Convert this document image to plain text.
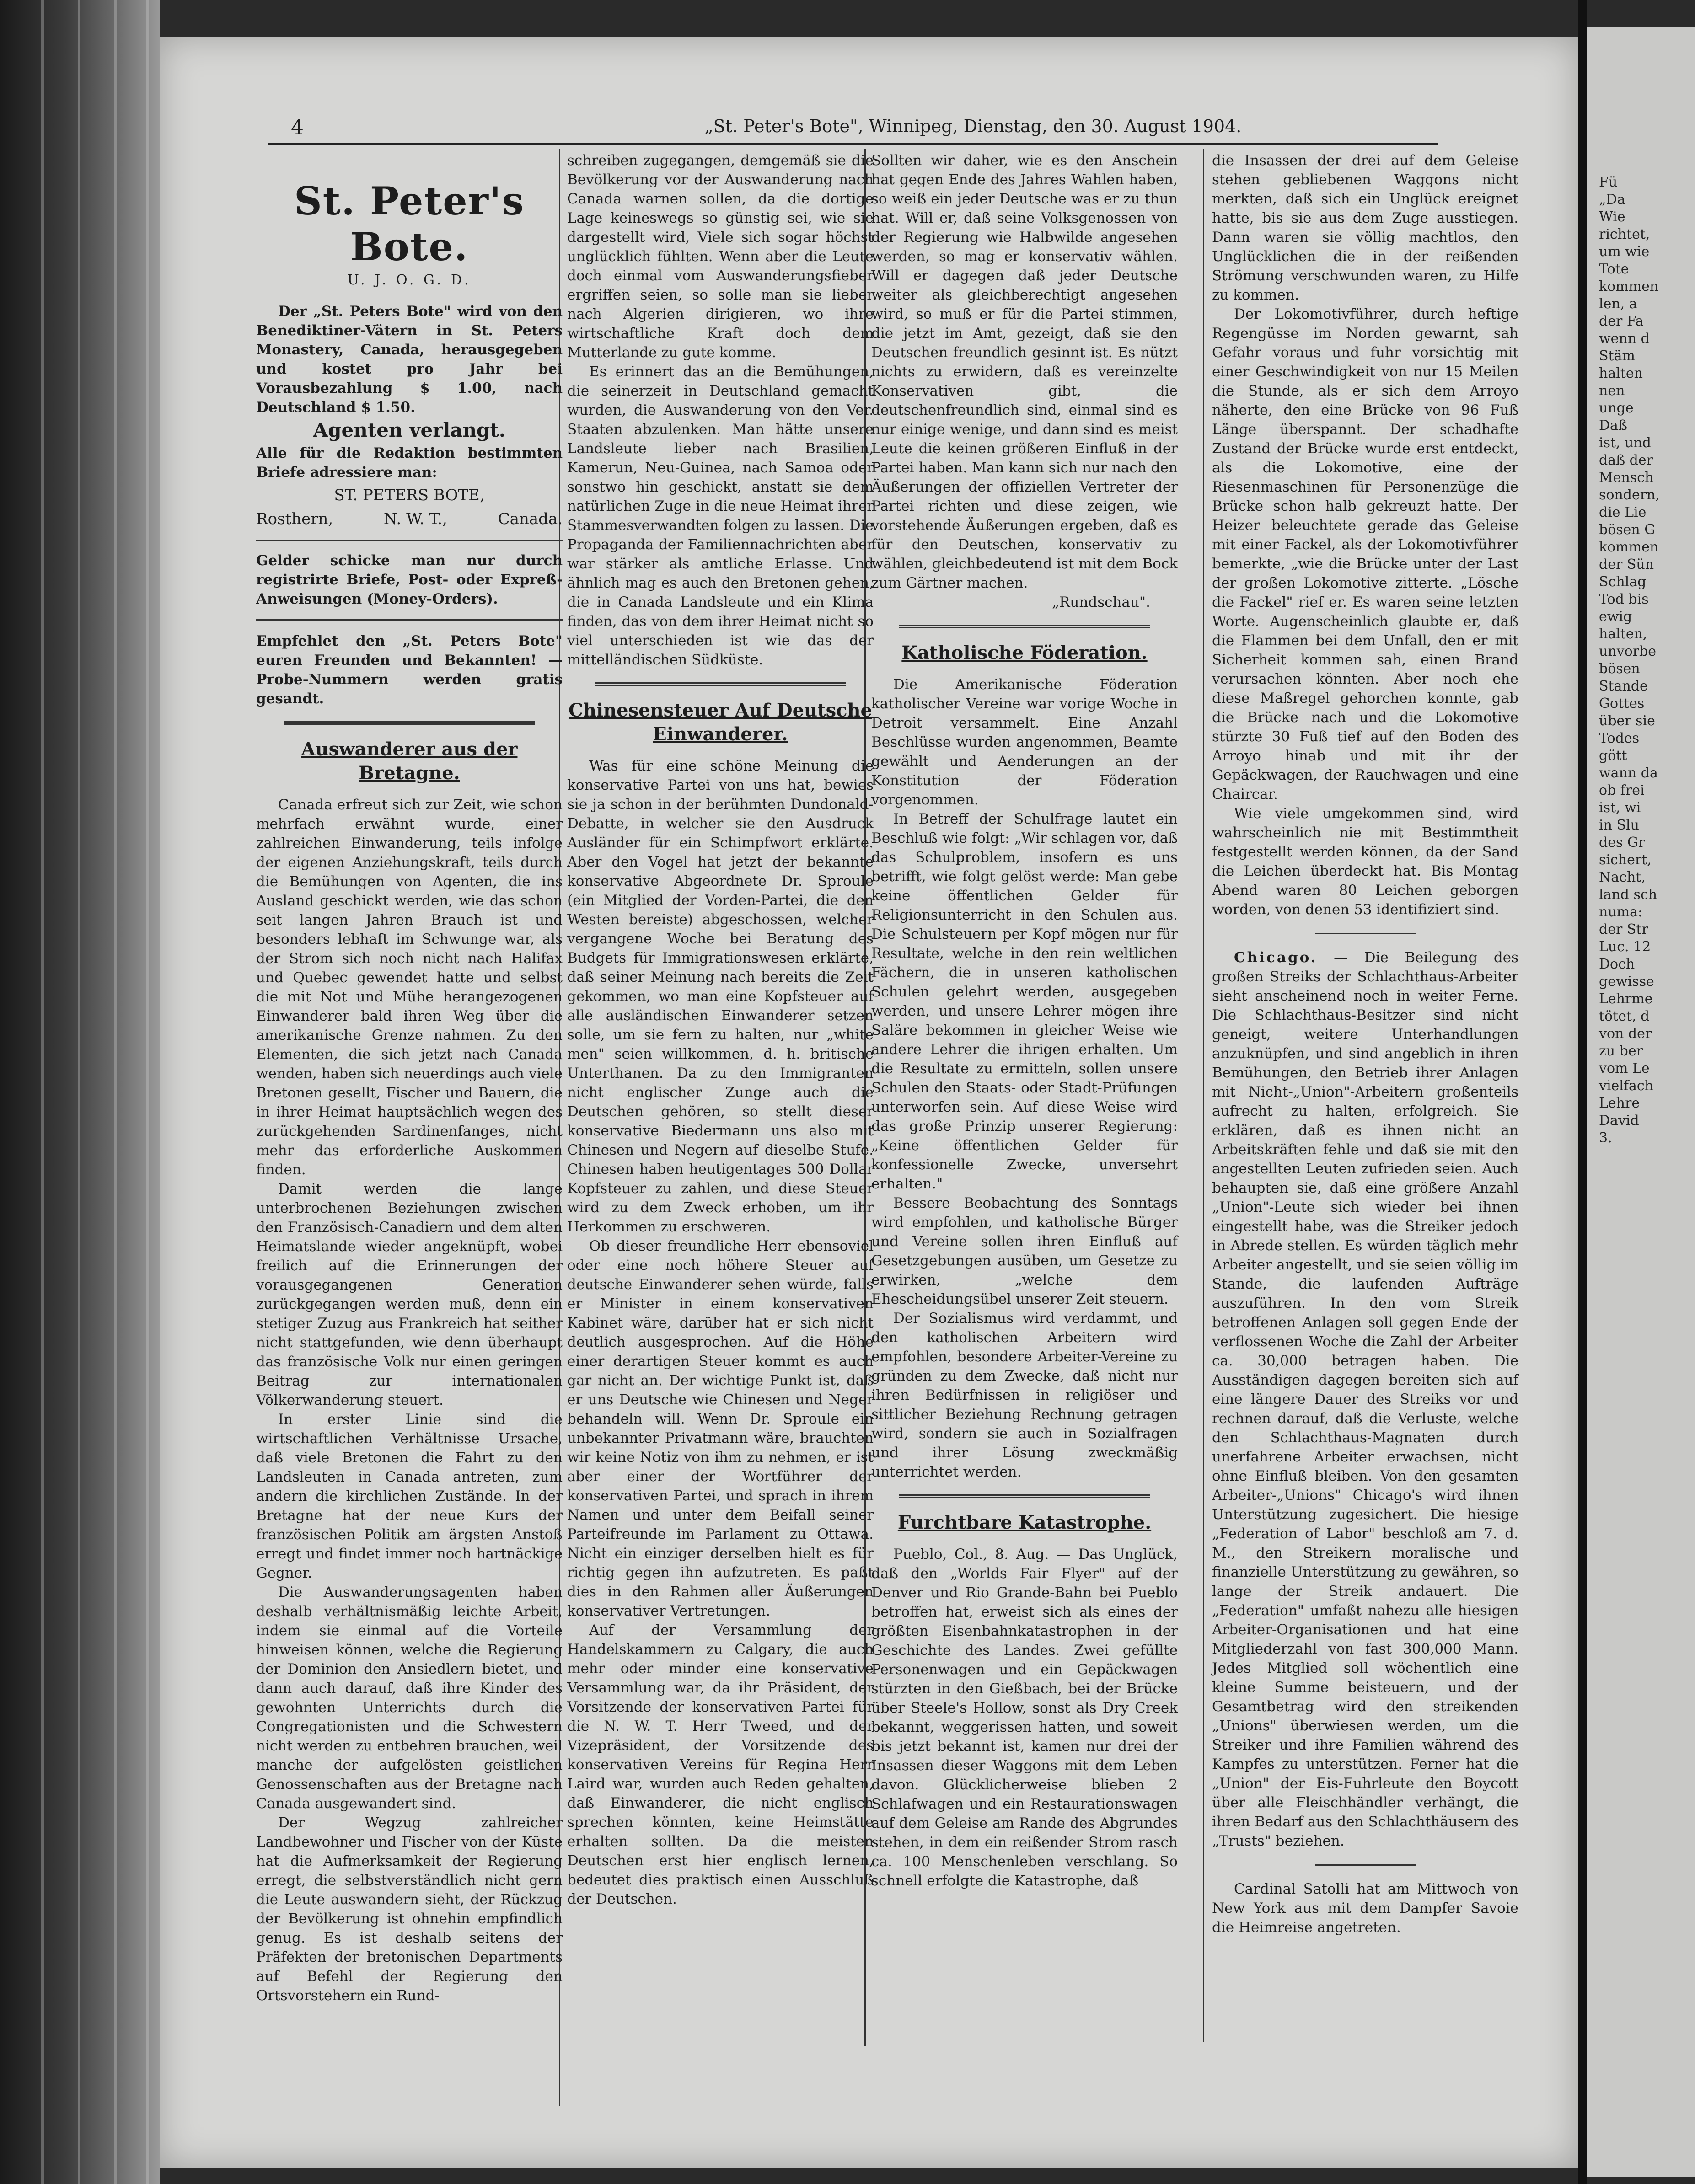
Fü
„Da
Wie
richtet,
um wie
Tote
kommen
len, a
der Fa
wenn d
Stäm
halten
nen
unge
Daß
ist, und
daß der
Mensch
sondern,
die Lie
bösen G
kommen
der Sün
Schlag
Tod bis
ewig
halten,
unvorbe
bösen
Stande
Gottes
über sie
Todes
gött
wann da
ob frei
ist, wi
in Slu
des Gr
sichert,
Nacht,
land sch
numa:
der Str
Luc. 12
Doch
gewisse
Lehrme
tötet, d
von der
zu ber
vom Le
vielfach
Lehre
David
3.
4	„St. Peter's Bote", Winnipeg, Dienstag, den 30. August 1904.
St. Peter's Bote.
U. J. O. G. D.

Der „St. Peters Bote" wird von den Benediktiner-Vätern in St. Peters Monastery, Canada, herausgegeben und kostet pro Jahr bei Vorausbezahlung $ 1.00, nach Deutschland $ 1.50.

Agenten verlangt.

Alle für die Redaktion bestimmten Briefe adressiere man:

ST. PETERS BOTE,
Rosthern,	N. W. T.,	Canada.

Gelder schicke man nur durch registrirte Briefe, Post- oder Expreß-Anweisungen (Money-Orders).

Empfehlet den „St. Peters Bote" euren Freunden und Bekannten! — Probe-Nummern werden gratis gesandt.

Auswanderer aus der Bretagne.

Canada erfreut sich zur Zeit, wie schon mehrfach erwähnt wurde, einer zahlreichen Einwanderung, teils infolge der eigenen Anziehungskraft, teils durch die Bemühungen von Agenten, die ins Ausland geschickt werden, wie das schon seit langen Jahren Brauch ist und besonders lebhaft im Schwunge war, als der Strom sich noch nicht nach Halifax und Quebec gewendet hatte und selbst die mit Not und Mühe herangezogenen Einwanderer bald ihren Weg über die amerikanische Grenze nahmen. Zu den Elementen, die sich jetzt nach Canada wenden, haben sich neuerdings auch viele Bretonen gesellt, Fischer und Bauern, die in ihrer Heimat hauptsächlich wegen des zurückgehenden Sardinenfanges, nicht mehr das erforderliche Auskommen finden.

Damit werden die lange unterbrochenen Beziehungen zwischen den Französisch-Canadiern und dem alten Heimatslande wieder angeknüpft, wobei freilich auf die Erinnerungen der vorausgegangenen Generation zurückgegangen werden muß, denn ein stetiger Zuzug aus Frankreich hat seither nicht stattgefunden, wie denn überhaupt das französische Volk nur einen geringen Beitrag zur internationalen Völkerwanderung steuert.

In erster Linie sind die wirtschaftlichen Verhältnisse Ursache, daß viele Bretonen die Fahrt zu den Landsleuten in Canada antreten, zum andern die kirchlichen Zustände. In der Bretagne hat der neue Kurs der französischen Politik am ärgsten Anstoß erregt und findet immer noch hartnäckige Gegner.

Die Auswanderungsagenten haben deshalb verhältnismäßig leichte Arbeit, indem sie einmal auf die Vorteile hinweisen können, welche die Regierung der Dominion den Ansiedlern bietet, und dann auch darauf, daß ihre Kinder des gewohnten Unterrichts durch die Congregationisten und die Schwestern nicht werden zu entbehren brauchen, weil manche der aufgelösten geistlichen Genossenschaften aus der Bretagne nach Canada ausgewandert sind.

Der Wegzug zahlreicher Landbewohner und Fischer von der Küste hat die Aufmerksamkeit der Regierung erregt, die selbstverständlich nicht gern die Leute auswandern sieht, der Rückzug der Bevölkerung ist ohnehin empfindlich genug. Es ist deshalb seitens der Präfekten der bretonischen Departments auf Befehl der Regierung den Ortsvorstehern ein Rund-

schreiben zugegangen, demgemäß sie die Bevölkerung vor der Auswanderung nach Canada warnen sollen, da die dortige Lage keineswegs so günstig sei, wie sie dargestellt wird, Viele sich sogar höchst unglücklich fühlten. Wenn aber die Leute doch einmal vom Auswanderungsfieber ergriffen seien, so solle man sie lieber nach Algerien dirigieren, wo ihre wirtschaftliche Kraft doch dem Mutterlande zu gute komme.

Es erinnert das an die Bemühungen, die seinerzeit in Deutschland gemacht wurden, die Auswanderung von den Ver. Staaten abzulenken. Man hätte unsere Landsleute lieber nach Brasilien, Kamerun, Neu-Guinea, nach Samoa oder sonstwo hin geschickt, anstatt sie dem natürlichen Zuge in die neue Heimat ihrer Stammesverwandten folgen zu lassen. Die Propaganda der Familiennachrichten aber war stärker als amtliche Erlasse. Und ähnlich mag es auch den Bretonen gehen, die in Canada Landsleute und ein Klima finden, das von dem ihrer Heimat nicht so viel unterschieden ist wie das der mittelländischen Südküste.

Chinesensteuer Auf Deutsche Einwanderer.

Was für eine schöne Meinung die konservative Partei von uns hat, bewies sie ja schon in der berühmten Dundonald-Debatte, in welcher sie den Ausdruck Ausländer für ein Schimpfwort erklärte. Aber den Vogel hat jetzt der bekannte konservative Abgeordnete Dr. Sproule (ein Mitglied der Vorden-Partei, die den Westen bereiste) abgeschossen, welcher vergangene Woche bei Beratung des Budgets für Immigrationswesen erklärte, daß seiner Meinung nach bereits die Zeit gekommen, wo man eine Kopfsteuer auf alle ausländischen Einwanderer setzen solle, um sie fern zu halten, nur „white men" seien willkommen, d. h. britische Unterthanen. Da zu den Immigranten nicht englischer Zunge auch die Deutschen gehören, so stellt dieser konservative Biedermann uns also mit Chinesen und Negern auf dieselbe Stufe. Chinesen haben heutigentages 500 Dollar Kopfsteuer zu zahlen, und diese Steuer wird zu dem Zweck erhoben, um ihr Herkommen zu erschweren.

Ob dieser freundliche Herr ebensoviel oder eine noch höhere Steuer auf deutsche Einwanderer sehen würde, falls er Minister in einem konservativen Kabinet wäre, darüber hat er sich nicht deutlich ausgesprochen. Auf die Höhe einer derartigen Steuer kommt es auch gar nicht an. Der wichtige Punkt ist, daß er uns Deutsche wie Chinesen und Neger behandeln will. Wenn Dr. Sproule ein unbekannter Privatmann wäre, brauchten wir keine Notiz von ihm zu nehmen, er ist aber einer der Wortführer der konservativen Partei, und sprach in ihrem Namen und unter dem Beifall seiner Parteifreunde im Parlament zu Ottawa. Nicht ein einziger derselben hielt es für richtig gegen ihn aufzutreten. Es paßt dies in den Rahmen aller Äußerungen konservativer Vertretungen.

Auf der Versammlung der Handelskammern zu Calgary, die auch mehr oder minder eine konservative Versammlung war, da ihr Präsident, der Vorsitzende der konservativen Partei für die N. W. T. Herr Tweed, und der Vizepräsident, der Vorsitzende des konservativen Vereins für Regina Herr Laird war, wurden auch Reden gehalten, daß Einwanderer, die nicht englisch sprechen könnten, keine Heimstätte erhalten sollten. Da die meisten Deutschen erst hier englisch lernen, bedeutet dies praktisch einen Ausschluß der Deutschen.

Sollten wir daher, wie es den Anschein hat gegen Ende des Jahres Wahlen haben, so weiß ein jeder Deutsche was er zu thun hat. Will er, daß seine Volksgenossen von der Regierung wie Halbwilde angesehen werden, so mag er konservativ wählen. Will er dagegen daß jeder Deutsche weiter als gleichberechtigt angesehen wird, so muß er für die Partei stimmen, die jetzt im Amt, gezeigt, daß sie den Deutschen freundlich gesinnt ist. Es nützt nichts zu erwidern, daß es vereinzelte Konservativen gibt, die deutschenfreundlich sind, einmal sind es nur einige wenige, und dann sind es meist Leute die keinen größeren Einfluß in der Partei haben. Man kann sich nur nach den Äußerungen der offiziellen Vertreter der Partei richten und diese zeigen, wie vorstehende Äußerungen ergeben, daß es für den Deutschen, konservativ zu wählen, gleichbedeutend ist mit dem Bock zum Gärtner machen.

„Rundschau".
Katholische Föderation.

Die Amerikanische Föderation katholischer Vereine war vorige Woche in Detroit versammelt. Eine Anzahl Beschlüsse wurden angenommen, Beamte gewählt und Aenderungen an der Konstitution der Föderation vorgenommen.

In Betreff der Schulfrage lautet ein Beschluß wie folgt: „Wir schlagen vor, daß das Schulproblem, insofern es uns betrifft, wie folgt gelöst werde: Man gebe keine öffentlichen Gelder für Religionsunterricht in den Schulen aus. Die Schulsteuern per Kopf mögen nur für Resultate, welche in den rein weltlichen Fächern, die in unseren katholischen Schulen gelehrt werden, ausgegeben werden, und unsere Lehrer mögen ihre Saläre bekommen in gleicher Weise wie andere Lehrer die ihrigen erhalten. Um die Resultate zu ermitteln, sollen unsere Schulen den Staats- oder Stadt-Prüfungen unterworfen sein. Auf diese Weise wird das große Prinzip unserer Regierung: „Keine öffentlichen Gelder für konfessionelle Zwecke, unversehrt erhalten."

Bessere Beobachtung des Sonntags wird empfohlen, und katholische Bürger und Vereine sollen ihren Einfluß auf Gesetzgebungen ausüben, um Gesetze zu erwirken, „welche dem Ehescheidungsübel unserer Zeit steuern.

Der Sozialismus wird verdammt, und den katholischen Arbeitern wird empfohlen, besondere Arbeiter-Vereine zu gründen zu dem Zwecke, daß nicht nur ihren Bedürfnissen in religiöser und sittlicher Beziehung Rechnung getragen wird, sondern sie auch in Sozialfragen und ihrer Lösung zweckmäßig unterrichtet werden.

Furchtbare Katastrophe.

Pueblo, Col., 8. Aug. — Das Unglück, daß den „Worlds Fair Flyer" auf der Denver und Rio Grande-Bahn bei Pueblo betroffen hat, erweist sich als eines der größten Eisenbahnkatastrophen in der Geschichte des Landes. Zwei gefüllte Personenwagen und ein Gepäckwagen stürzten in den Gießbach, bei der Brücke über Steele's Hollow, sonst als Dry Creek bekannt, weggerissen hatten, und soweit bis jetzt bekannt ist, kamen nur drei der Insassen dieser Waggons mit dem Leben davon. Glücklicherweise blieben 2 Schlafwagen und ein Restaurationswagen auf dem Geleise am Rande des Abgrundes stehen, in dem ein reißender Strom rasch ca. 100 Menschenleben verschlang. So schnell erfolgte die Katastrophe, daß

die Insassen der drei auf dem Geleise stehen gebliebenen Waggons nicht merkten, daß sich ein Unglück ereignet hatte, bis sie aus dem Zuge ausstiegen. Dann waren sie völlig machtlos, den Unglücklichen die in der reißenden Strömung verschwunden waren, zu Hilfe zu kommen.

Der Lokomotivführer, durch heftige Regengüsse im Norden gewarnt, sah Gefahr voraus und fuhr vorsichtig mit einer Geschwindigkeit von nur 15 Meilen die Stunde, als er sich dem Arroyo näherte, den eine Brücke von 96 Fuß Länge überspannt. Der schadhafte Zustand der Brücke wurde erst entdeckt, als die Lokomotive, eine der Riesenmaschinen für Personenzüge die Brücke schon halb gekreuzt hatte. Der Heizer beleuchtete gerade das Geleise mit einer Fackel, als der Lokomotivführer bemerkte, „wie die Brücke unter der Last der großen Lokomotive zitterte. „Lösche die Fackel" rief er. Es waren seine letzten Worte. Augenscheinlich glaubte er, daß die Flammen bei dem Unfall, den er mit Sicherheit kommen sah, einen Brand verursachen könnten. Aber noch ehe diese Maßregel gehorchen konnte, gab die Brücke nach und die Lokomotive stürzte 30 Fuß tief auf den Boden des Arroyo hinab und mit ihr der Gepäckwagen, der Rauchwagen und eine Chaircar.

Wie viele umgekommen sind, wird wahrscheinlich nie mit Bestimmtheit festgestellt werden können, da der Sand die Leichen überdeckt hat. Bis Montag Abend waren 80 Leichen geborgen worden, von denen 53 identifiziert sind.

Chicago. — Die Beilegung des großen Streiks der Schlachthaus-Arbeiter sieht anscheinend noch in weiter Ferne. Die Schlachthaus-Besitzer sind nicht geneigt, weitere Unterhandlungen anzuknüpfen, und sind angeblich in ihren Bemühungen, den Betrieb ihrer Anlagen mit Nicht-„Union"-Arbeitern großenteils aufrecht zu halten, erfolgreich. Sie erklären, daß es ihnen nicht an Arbeitskräften fehle und daß sie mit den angestellten Leuten zufrieden seien. Auch behaupten sie, daß eine größere Anzahl „Union"-Leute sich wieder bei ihnen eingestellt habe, was die Streiker jedoch in Abrede stellen. Es würden täglich mehr Arbeiter angestellt, und sie seien völlig im Stande, die laufenden Aufträge auszuführen. In den vom Streik betroffenen Anlagen soll gegen Ende der verflossenen Woche die Zahl der Arbeiter ca. 30,000 betragen haben. Die Ausständigen dagegen bereiten sich auf eine längere Dauer des Streiks vor und rechnen darauf, daß die Verluste, welche den Schlachthaus-Magnaten durch unerfahrene Arbeiter erwachsen, nicht ohne Einfluß bleiben. Von den gesamten Arbeiter-„Unions" Chicago's wird ihnen Unterstützung zugesichert. Die hiesige „Federation of Labor" beschloß am 7. d. M., den Streikern moralische und finanzielle Unterstützung zu gewähren, so lange der Streik andauert. Die „Federation" umfaßt nahezu alle hiesigen Arbeiter-Organisationen und hat eine Mitgliederzahl von fast 300,000 Mann. Jedes Mitglied soll wöchentlich eine kleine Summe beisteuern, und der Gesamtbetrag wird den streikenden „Unions" überwiesen werden, um die Streiker und ihre Familien während des Kampfes zu unterstützen. Ferner hat die „Union" der Eis-Fuhrleute den Boycott über alle Fleischhändler verhängt, die ihren Bedarf aus den Schlachthäusern des „Trusts" beziehen.

Cardinal Satolli hat am Mittwoch von New York aus mit dem Dampfer Savoie die Heimreise angetreten.
